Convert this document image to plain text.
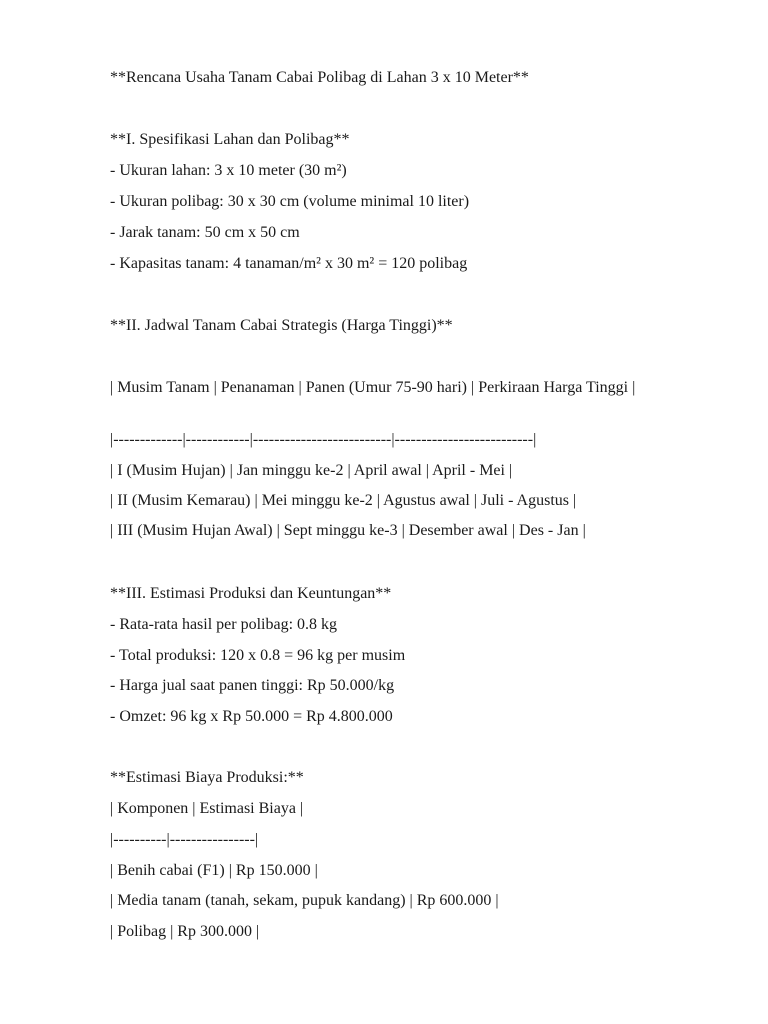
**Rencana Usaha Tanam Cabai Polibag di Lahan 3 x 10 Meter**
**I. Spesifikasi Lahan dan Polibag**
- Ukuran lahan: 3 x 10 meter (30 m²)
- Ukuran polibag: 30 x 30 cm (volume minimal 10 liter)
- Jarak tanam: 50 cm x 50 cm
- Kapasitas tanam: 4 tanaman/m² x 30 m² = 120 polibag
**II. Jadwal Tanam Cabai Strategis (Harga Tinggi)**
| Musim Tanam | Penanaman | Panen (Umur 75-90 hari) | Perkiraan Harga Tinggi |
|-------------|------------|--------------------------|--------------------------|
| I (Musim Hujan) | Jan minggu ke-2 | April awal | April - Mei |
| II (Musim Kemarau) | Mei minggu ke-2 | Agustus awal | Juli - Agustus |
| III (Musim Hujan Awal) | Sept minggu ke-3 | Desember awal | Des - Jan |
**III. Estimasi Produksi dan Keuntungan**
- Rata-rata hasil per polibag: 0.8 kg
- Total produksi: 120 x 0.8 = 96 kg per musim
- Harga jual saat panen tinggi: Rp 50.000/kg
- Omzet: 96 kg x Rp 50.000 = Rp 4.800.000
**Estimasi Biaya Produksi:**
| Komponen | Estimasi Biaya |
|----------|----------------|
| Benih cabai (F1) | Rp 150.000 |
| Media tanam (tanah, sekam, pupuk kandang) | Rp 600.000 |
| Polibag | Rp 300.000 |
